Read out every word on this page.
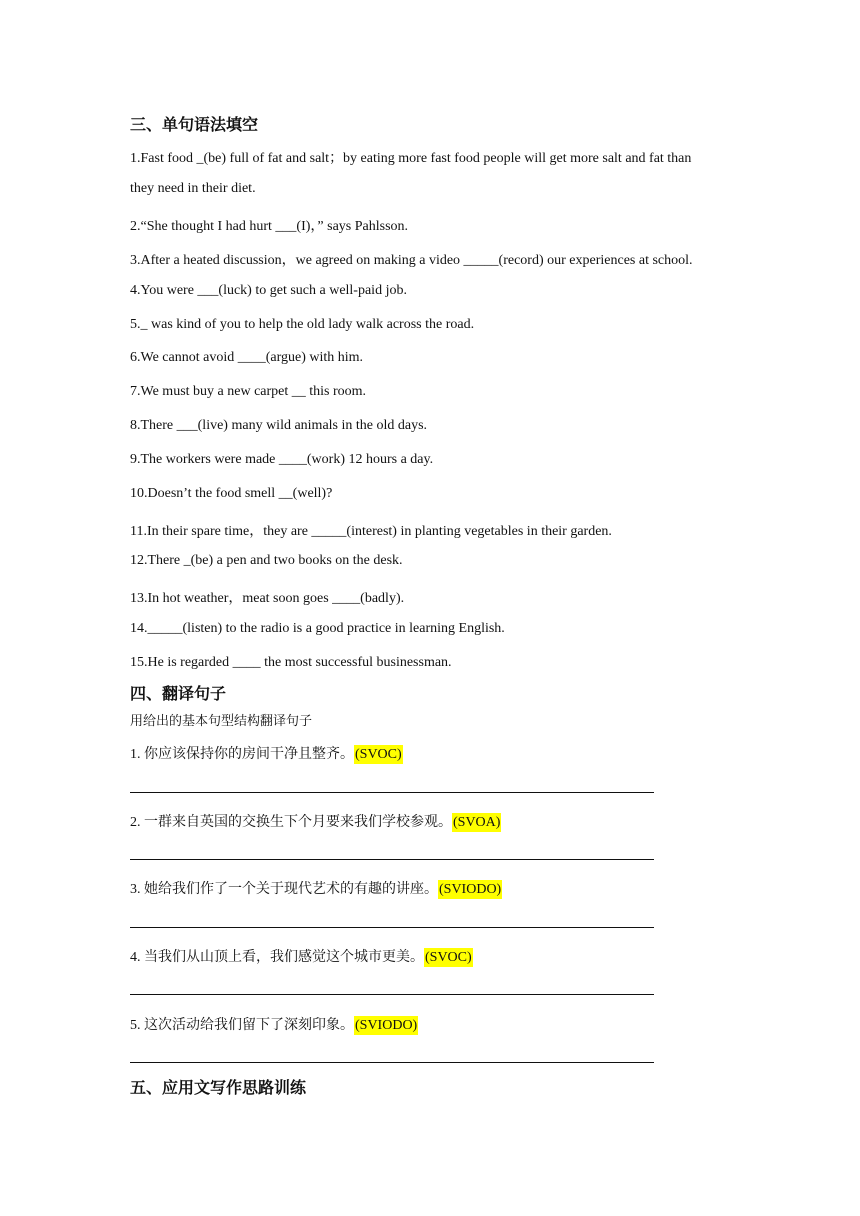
三、单句语法填空
1.Fast food _(be) full of fat and salt；by eating more fast food people will get more salt and fat than
they need in their diet.
2.“She thought I had hurt ___(I)，” says Pahlsson.
3.After a heated discussion，we agreed on making a video _____(record) our experiences at school.
4.You were ___(luck) to get such a well-paid job.
5._ was kind of you to help the old lady walk across the road.
6.We cannot avoid ____(argue) with him.
7.We must buy a new carpet __ this room.
8.There ___(live) many wild animals in the old days.
9.The workers were made ____(work) 12 hours a day.
10.Doesn’t the food smell __(well)?
11.In their spare time，they are _____(interest) in planting vegetables in their garden.
12.There _(be) a pen and two books on the desk.
13.In hot weather，meat soon goes ____(badly).
14._____(listen) to the radio is a good practice in learning English.
15.He is regarded ____ the most successful businessman.
四、翻译句子
用给出的基本句型结构翻译句子
1. 你应该保持你的房间干净且整齐。(SVOC)
2. 一群来自英国的交换生下个月要来我们学校参观。(SVOA)
3. 她给我们作了一个关于现代艺术的有趣的讲座。(SVIODO)
4. 当我们从山顶上看，我们感觉这个城市更美。(SVOC)
5. 这次活动给我们留下了深刻印象。(SVIODO)
五、应用文写作思路训练
